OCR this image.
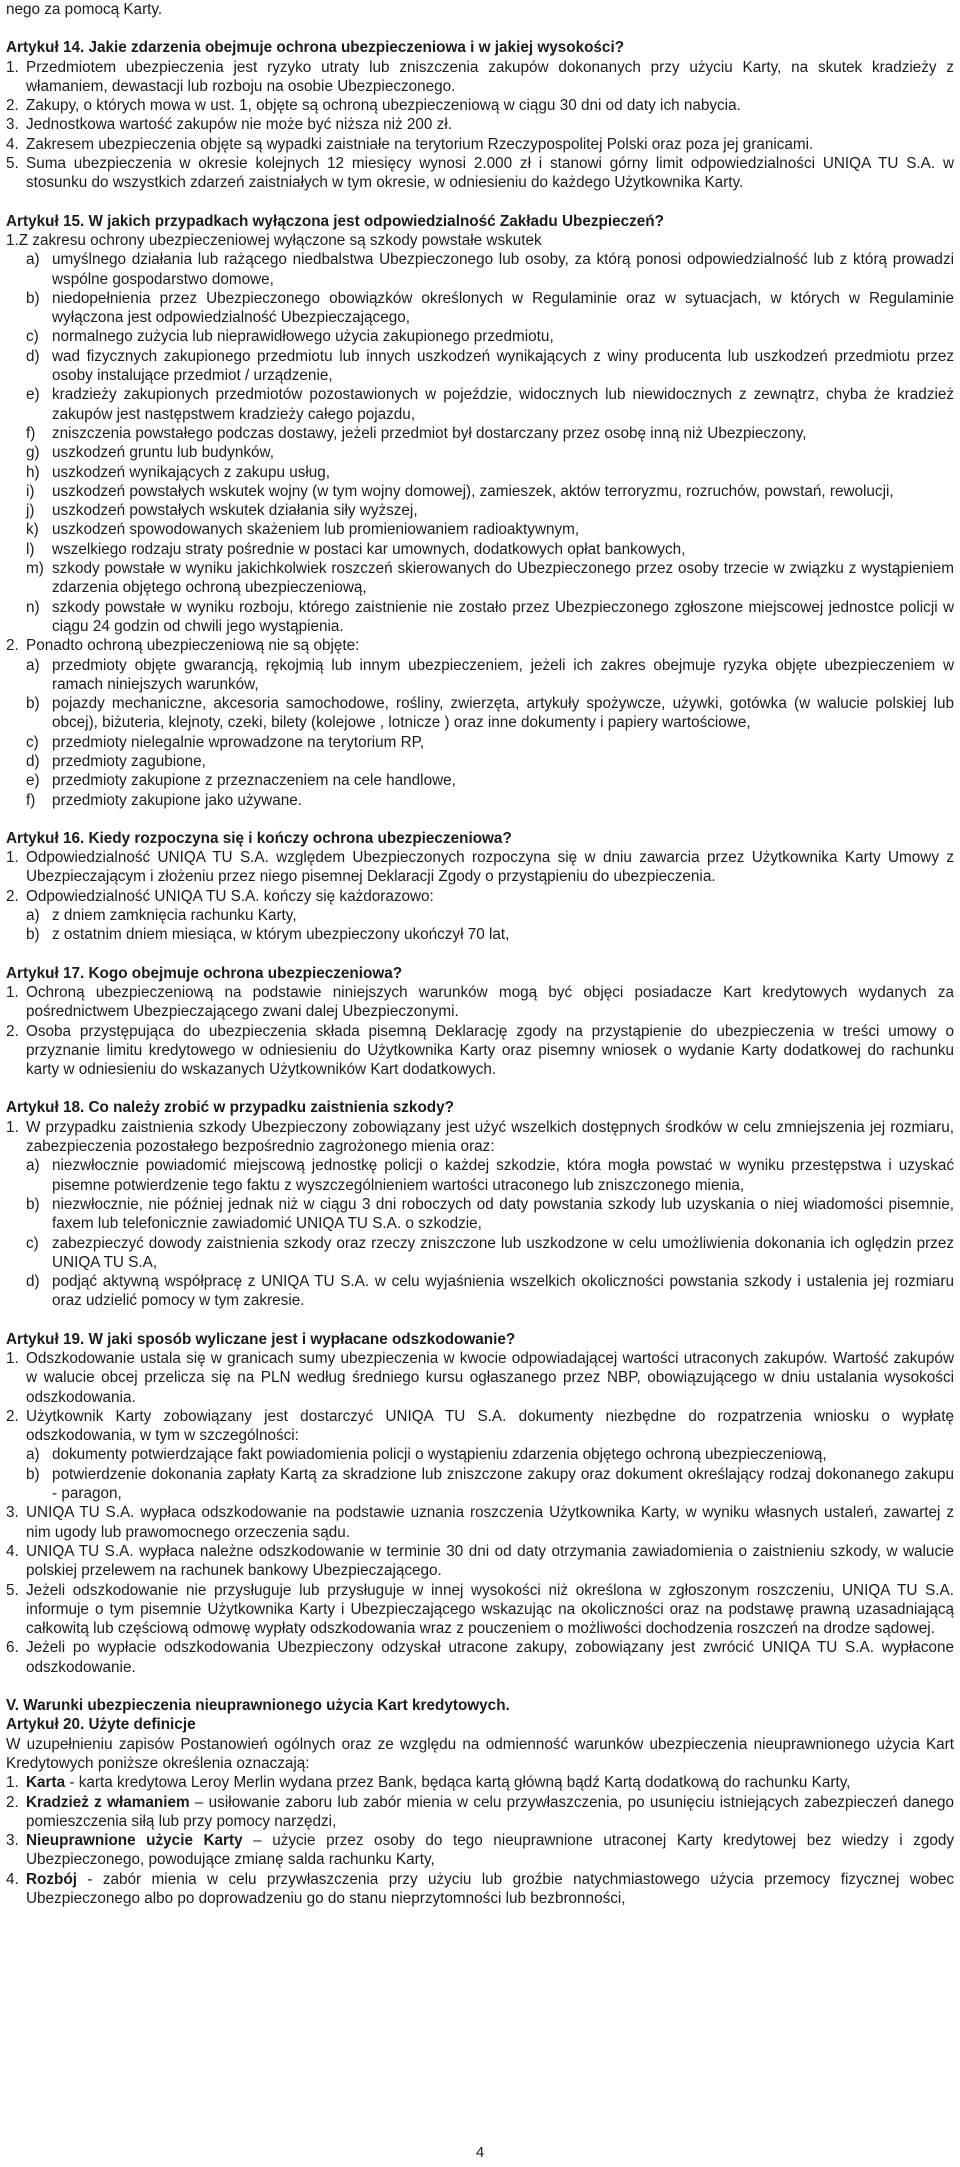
nego za pomocą Karty.

Artykuł 14. Jakie zdarzenia obejmuje ochrona ubezpieczeniowa i w jakiej wysokości?

1. Przedmiotem ubezpieczenia jest ryzyko utraty lub zniszczenia zakupów dokonanych przy użyciu Karty, na skutek kradzieży z włamaniem, dewastacji lub rozboju na osobie Ubezpieczonego.
2. Zakupy, o których mowa w ust. 1, objęte są ochroną ubezpieczeniową w ciągu 30 dni od daty ich nabycia.
3. Jednostkowa wartość zakupów nie może być niższa niż 200 zł.
4. Zakresem ubezpieczenia objęte są wypadki zaistniałe na terytorium Rzeczypospolitej Polski oraz poza jej granicami.
5. Suma ubezpieczenia w okresie kolejnych 12 miesięcy wynosi 2.000 zł i stanowi górny limit odpowiedzialności UNIQA TU S.A. w stosunku do wszystkich zdarzeń zaistniałych w tym okresie, w odniesieniu do każdego Użytkownika Karty.

Artykuł 15. W jakich przypadkach wyłączona jest odpowiedzialność Zakładu Ubezpieczeń?

1.Z zakresu ochrony ubezpieczeniowej wyłączone są szkody powstałe wskutek
a) umyślnego działania lub rażącego niedbalstwa Ubezpieczonego lub osoby, za którą ponosi odpowiedzialność lub z którą prowadzi wspólne gospodarstwo domowe,
b) niedopełnienia przez Ubezpieczonego obowiązków określonych w Regulaminie oraz w sytuacjach, w których w Regulaminie wyłączona jest odpowiedzialność Ubezpieczającego,
c) normalnego zużycia lub nieprawidłowego użycia zakupionego przedmiotu,
d) wad fizycznych zakupionego przedmiotu lub innych uszkodzeń wynikających z winy producenta lub uszkodzeń przedmiotu przez osoby instalujące przedmiot / urządzenie,
e) kradzieży zakupionych przedmiotów pozostawionych w pojeździe, widocznych lub niewidocznych z zewnątrz, chyba że kradzież zakupów jest następstwem kradzieży całego pojazdu,
f) zniszczenia powstałego podczas dostawy, jeżeli przedmiot był dostarczany przez osobę inną niż Ubezpieczony,
g) uszkodzeń gruntu lub budynków,
h) uszkodzeń wynikających z zakupu usług,
i) uszkodzeń powstałych wskutek wojny (w tym wojny domowej), zamieszek, aktów terroryzmu, rozruchów, powstań, rewolucji,
j) uszkodzeń powstałych wskutek działania siły wyższej,
k) uszkodzeń spowodowanych skażeniem lub promieniowaniem radioaktywnym,
l) wszelkiego rodzaju straty pośrednie w postaci kar umownych, dodatkowych opłat bankowych,
m) szkody powstałe w wyniku jakichkolwiek roszczeń skierowanych do Ubezpieczonego przez osoby trzecie w związku z wystąpieniem zdarzenia objętego ochroną ubezpieczeniową,
n) szkody powstałe w wyniku rozboju, którego zaistnienie nie zostało przez Ubezpieczonego zgłoszone miejscowej jednostce policji w ciągu 24 godzin od chwili jego wystąpienia.
2. Ponadto ochroną ubezpieczeniową nie są objęte:
a) przedmioty objęte gwarancją, rękojmią lub innym ubezpieczeniem, jeżeli ich zakres obejmuje ryzyka objęte ubezpieczeniem w ramach niniejszych warunków,
b) pojazdy mechaniczne, akcesoria samochodowe, rośliny, zwierzęta, artykuły spożywcze, używki, gotówka (w walucie polskiej lub obcej), biżuteria, klejnoty, czeki, bilety (kolejowe , lotnicze ) oraz inne dokumenty i papiery wartościowe,
c) przedmioty nielegalnie wprowadzone na terytorium RP,
d) przedmioty zagubione,
e) przedmioty zakupione z przeznaczeniem na cele handlowe,
f) przedmioty zakupione jako używane.

Artykuł 16. Kiedy rozpoczyna się i kończy ochrona ubezpieczeniowa?

1. Odpowiedzialność UNIQA TU S.A. względem Ubezpieczonych rozpoczyna się w dniu zawarcia przez Użytkownika Karty Umowy z Ubezpieczającym i złożeniu przez niego pisemnej Deklaracji Zgody o przystąpieniu do ubezpieczenia.
2. Odpowiedzialność UNIQA TU S.A. kończy się każdorazowo:
a) z dniem zamknięcia rachunku Karty,
b) z ostatnim dniem miesiąca, w którym ubezpieczony ukończył 70 lat,

Artykuł 17. Kogo obejmuje ochrona ubezpieczeniowa?

1. Ochroną ubezpieczeniową na podstawie niniejszych warunków mogą być objęci posiadacze Kart kredytowych wydanych za pośrednictwem Ubezpieczającego zwani dalej Ubezpieczonymi.
2. Osoba przystępująca do ubezpieczenia składa pisemną Deklarację zgody na przystąpienie do ubezpieczenia w treści umowy o przyznanie limitu kredytowego w odniesieniu do Użytkownika Karty oraz pisemny wniosek o wydanie Karty dodatkowej do rachunku karty w odniesieniu do wskazanych Użytkowników Kart dodatkowych.

Artykuł 18. Co należy zrobić w przypadku zaistnienia szkody?

1. W przypadku zaistnienia szkody Ubezpieczony zobowiązany jest użyć wszelkich dostępnych środków w celu zmniejszenia jej rozmiaru, zabezpieczenia pozostałego bezpośrednio zagrożonego mienia oraz:
a) niezwłocznie powiadomić miejscową jednostkę policji o każdej szkodzie, która mogła powstać w wyniku przestępstwa i uzyskać pisemne potwierdzenie tego faktu z wyszczególnieniem wartości utraconego lub zniszczonego mienia,
b) niezwłocznie, nie później jednak niż w ciągu 3 dni roboczych od daty powstania szkody lub uzyskania o niej wiadomości pisemnie, faxem lub telefonicznie zawiadomić UNIQA TU S.A. o szkodzie,
c) zabezpieczyć dowody zaistnienia szkody oraz rzeczy zniszczone lub uszkodzone w celu umożliwienia dokonania ich oględzin przez UNIQA TU S.A,
d) podjąć aktywną współpracę z UNIQA TU S.A. w celu wyjaśnienia wszelkich okoliczności powstania szkody i ustalenia jej rozmiaru oraz udzielić pomocy w tym zakresie.

Artykuł 19. W jaki sposób wyliczane jest i wypłacane odszkodowanie?

1. Odszkodowanie ustala się w granicach sumy ubezpieczenia w kwocie odpowiadającej wartości utraconych zakupów. Wartość zakupów w walucie obcej przelicza się na PLN według średniego kursu ogłaszanego przez NBP, obowiązującego w dniu ustalania wysokości odszkodowania.
2. Użytkownik Karty zobowiązany jest dostarczyć UNIQA TU S.A. dokumenty niezbędne do rozpatrzenia wniosku o wypłatę odszkodowania, w tym w szczególności:
a) dokumenty potwierdzające fakt powiadomienia policji o wystąpieniu zdarzenia objętego ochroną ubezpieczeniową,
b) potwierdzenie dokonania zapłaty Kartą za skradzione lub zniszczone zakupy oraz dokument określający rodzaj dokonanego zakupu - paragon,
3. UNIQA TU S.A. wypłaca odszkodowanie na podstawie uznania roszczenia Użytkownika Karty, w wyniku własnych ustaleń, zawartej z nim ugody lub prawomocnego orzeczenia sądu.
4. UNIQA TU S.A. wypłaca należne odszkodowanie w terminie 30 dni od daty otrzymania zawiadomienia o zaistnieniu szkody, w walucie polskiej przelewem na rachunek bankowy Ubezpieczającego.
5. Jeżeli odszkodowanie nie przysługuje lub przysługuje w innej wysokości niż określona w zgłoszonym roszczeniu, UNIQA TU S.A. informuje o tym pisemnie Użytkownika Karty i Ubezpieczającego wskazując na okoliczności oraz na podstawę prawną uzasadniającą całkowitą lub częściową odmowę wypłaty odszkodowania wraz z pouczeniem o możliwości dochodzenia roszczeń na drodze sądowej.
6. Jeżeli po wypłacie odszkodowania Ubezpieczony odzyskał utracone zakupy, zobowiązany jest zwrócić UNIQA TU S.A. wypłacone odszkodowanie.

V. Warunki ubezpieczenia nieuprawnionego użycia Kart kredytowych.

Artykuł 20. Użyte definicje

W uzupełnieniu zapisów Postanowień ogólnych oraz ze względu na odmienność warunków ubezpieczenia nieuprawnionego użycia Kart Kredytowych poniższe określenia oznaczają:

1. Karta - karta kredytowa Leroy Merlin wydana przez Bank, będąca kartą główną bądź Kartą dodatkową do rachunku Karty,
2. Kradzież z włamaniem – usiłowanie zaboru lub zabór mienia w celu przywłaszczenia, po usunięciu istniejących zabezpieczeń danego pomieszczenia siłą lub przy pomocy narzędzi,
3. Nieuprawnione użycie Karty – użycie przez osoby do tego nieuprawnione utraconej Karty kredytowej bez wiedzy i zgody Ubezpieczonego, powodujące zmianę salda rachunku Karty,
4. Rozbój - zabór mienia w celu przywłaszczenia przy użyciu lub groźbie natychmiastowego użycia przemocy fizycznej wobec Ubezpieczonego albo po doprowadzeniu go do stanu nieprzytomności lub bezbronności,
4
